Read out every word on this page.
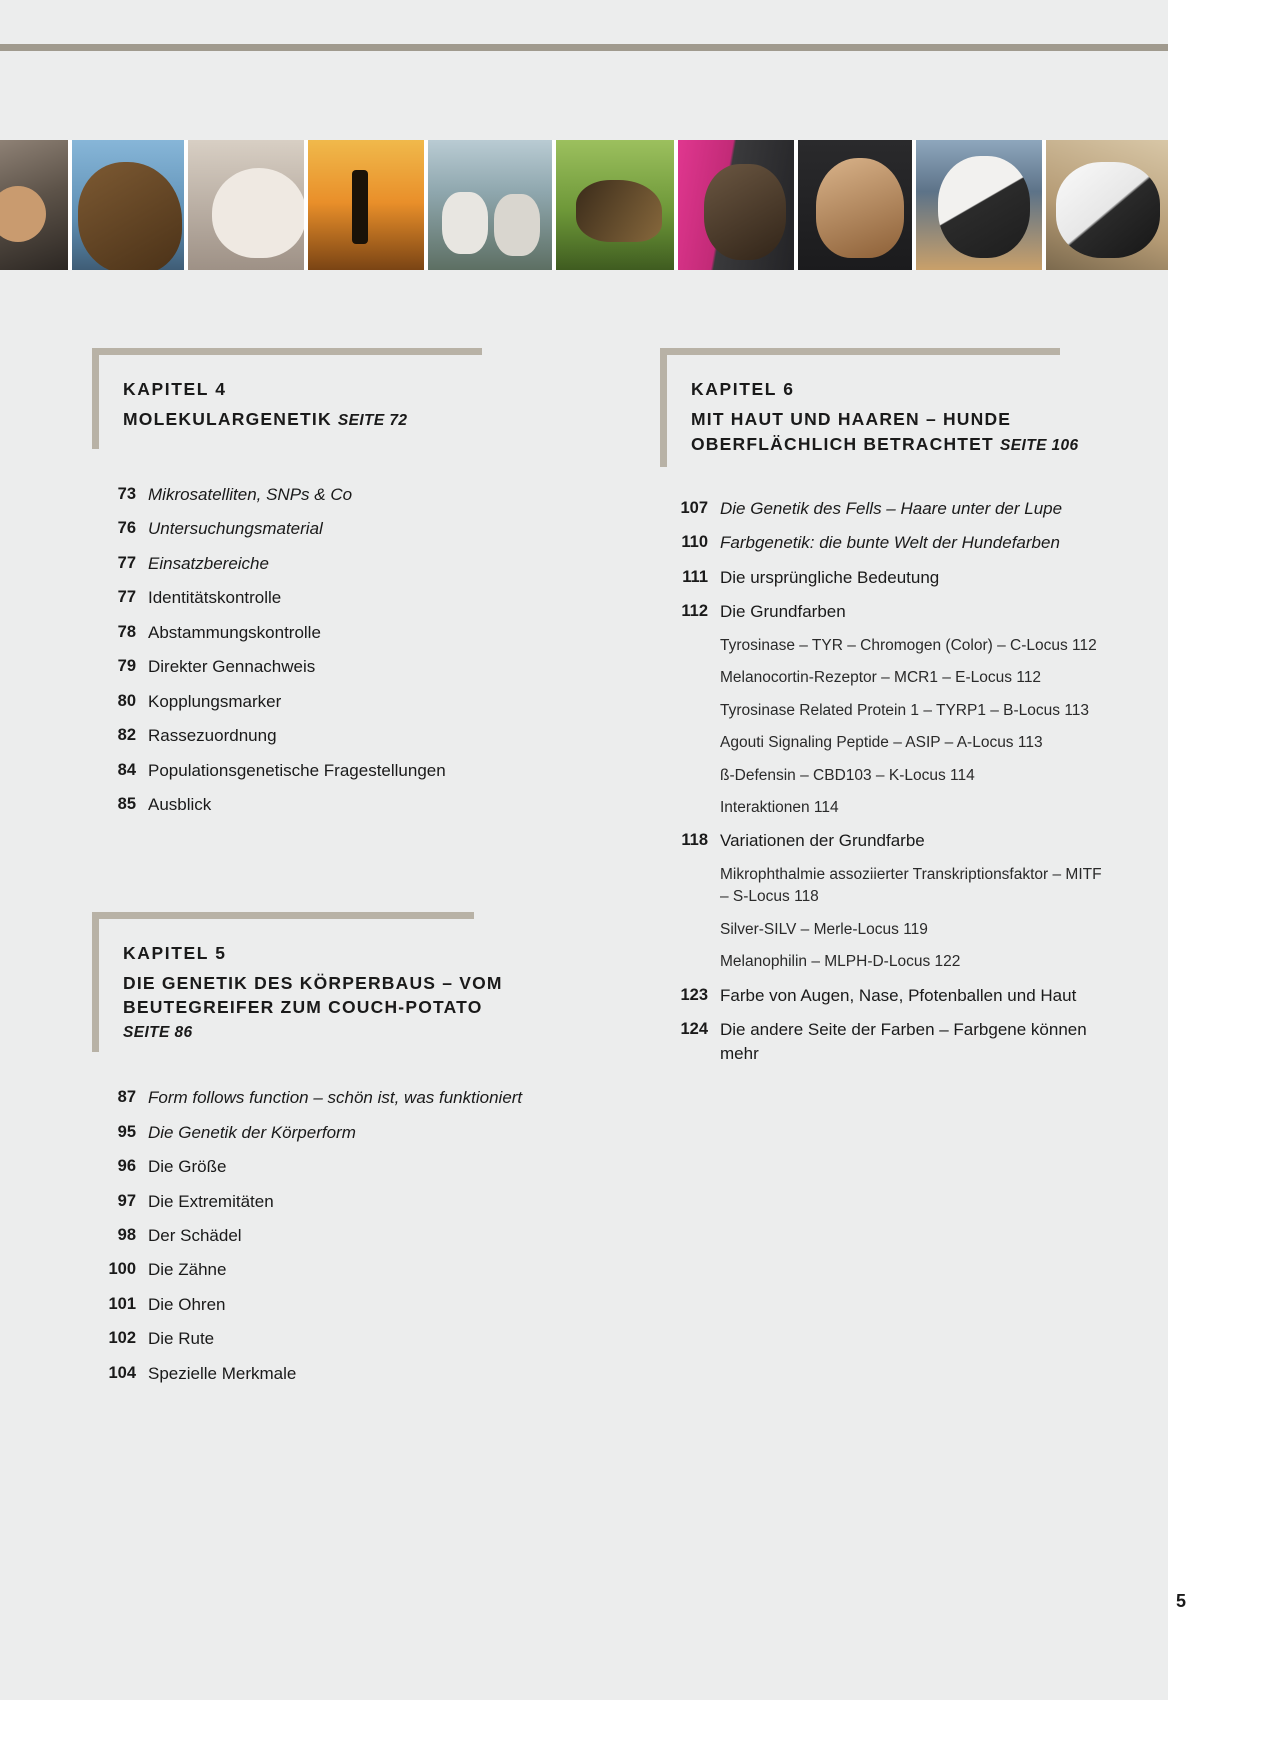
KAPITEL 4
MOLEKULARGENETIK SEITE 72
73 Mikrosatelliten, SNPs & Co
76 Untersuchungsmaterial
77 Einsatzbereiche
77 Identitätskontrolle
78 Abstammungskontrolle
79 Direkter Gennachweis
80 Kopplungsmarker
82 Rassezuordnung
84 Populationsgenetische Fragestellungen
85 Ausblick
KAPITEL 5
DIE GENETIK DES KÖRPERBAUS – VOM BEUTEGREIFER ZUM COUCH-POTATO
SEITE 86
87 Form follows function – schön ist, was funktioniert
95 Die Genetik der Körperform
96 Die Größe
97 Die Extremitäten
98 Der Schädel
100 Die Zähne
101 Die Ohren
102 Die Rute
104 Spezielle Merkmale
KAPITEL 6
MIT HAUT UND HAAREN – HUNDE OBERFLÄCHLICH BETRACHTET SEITE 106
107 Die Genetik des Fells – Haare unter der Lupe
110 Farbgenetik: die bunte Welt der Hundefarben
111 Die ursprüngliche Bedeutung
112 Die Grundfarben
Tyrosinase – TYR – Chromogen (Color) – C-Locus 112
Melanocortin-Rezeptor – MCR1 – E-Locus 112
Tyrosinase Related Protein 1 – TYRP1 – B-Locus 113
Agouti Signaling Peptide – ASIP – A-Locus 113
ß-Defensin – CBD103 – K-Locus 114
Interaktionen 114
118 Variationen der Grundfarbe
Mikrophthalmie assoziierter Transkriptionsfaktor – MITF – S-Locus 118
Silver-SILV – Merle-Locus 119
Melanophilin – MLPH-D-Locus 122
123 Farbe von Augen, Nase, Pfotenballen und Haut
124 Die andere Seite der Farben – Farbgene können mehr
5
